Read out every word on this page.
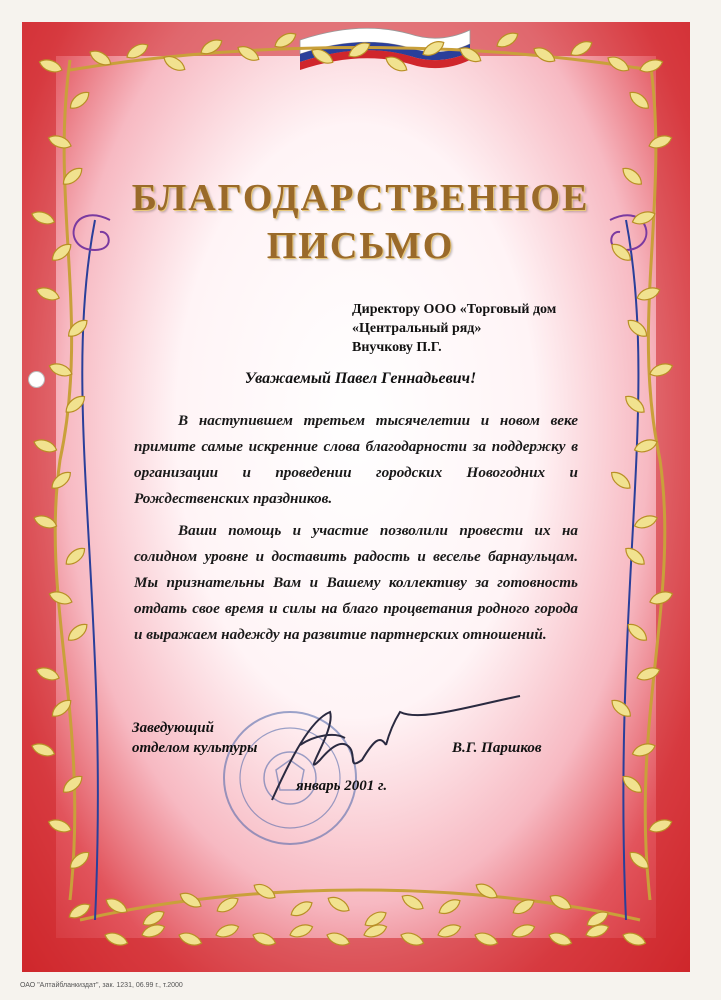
БЛАГОДАРСТВЕННОЕ
ПИСЬМО
Директору ООО «Торговый дом
«Центральный ряд»
Внучкову П.Г.
Уважаемый Павел Геннадьевич!

В наступившем третьем тысячелетии и новом веке примите самые искренние слова благодарности за поддержку в организации и проведении городских Новогодних и Рождественских праздников.

Ваши помощь и участие позволили провести их на солидном уровне и доставить радость и веселье барнаульцам. Мы признательны Вам и Вашему коллективу за готовность отдать свое время и силы на благо процветания родного города и выражаем надежду на развитие партнерских отношений.

Заведующий
отделом культуры	В.Г. Паршков
январь 2001 г.
ОАО "Алтайбланкиздат", зак. 1231, 06.99 г., т.2000
